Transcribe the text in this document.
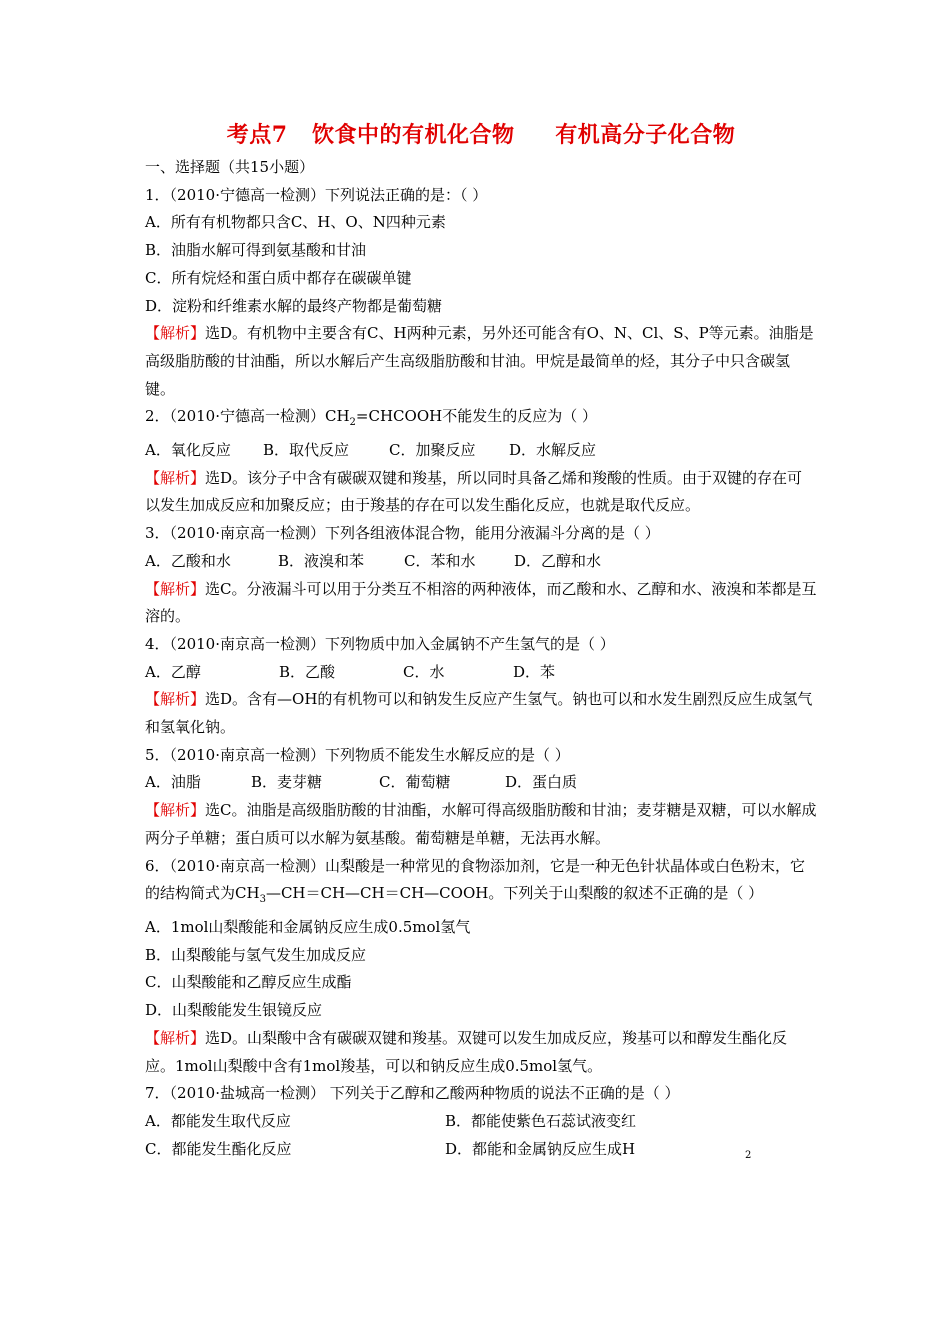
考点7   饮食中的有机化合物     有机高分子化合物
一、选择题（共15小题）
1．（2010·宁德高一检测）下列说法正确的是：（ ）
A．所有有机物都只含C、H、O、N四种元素
B．油脂水解可得到氨基酸和甘油
C．所有烷烃和蛋白质中都存在碳碳单键
D．淀粉和纤维素水解的最终产物都是葡萄糖
【解析】选D。有机物中主要含有C、H两种元素，另外还可能含有O、N、Cl、S、P等元素。油脂是高级脂肪酸的甘油酯，所以水解后产生高级脂肪酸和甘油。甲烷是最简单的烃，其分子中只含碳氢键。
2．（2010·宁德高一检测）$CH_2=CHCOOH$不能发生的反应为（ ）
A．氧化反应	B．取代反应	C．加聚反应	D．水解反应
【解析】选D。该分子中含有碳碳双键和羧基，所以同时具备乙烯和羧酸的性质。由于双键的存在可以发生加成反应和加聚反应；由于羧基的存在可以发生酯化反应，也就是取代反应。
3．（2010·南京高一检测）下列各组液体混合物，能用分液漏斗分离的是（ ）
A．乙酸和水	B．液溴和苯	C．苯和水	D．乙醇和水
【解析】选C。分液漏斗可以用于分类互不相溶的两种液体，而乙酸和水、乙醇和水、液溴和苯都是互溶的。
4．（2010·南京高一检测）下列物质中加入金属钠不产生氢气的是（ ）
A．乙醇	B．乙酸	C．水	D．苯
【解析】选D。含有—OH的有机物可以和钠发生反应产生氢气。钠也可以和水发生剧烈反应生成氢气和氢氧化钠。
5．（2010·南京高一检测）下列物质不能发生水解反应的是（ ）
A．油脂	B．麦芽糖	C．葡萄糖	D．蛋白质
【解析】选C。油脂是高级脂肪酸的甘油酯，水解可得高级脂肪酸和甘油；麦芽糖是双糖，可以水解成两分子单糖；蛋白质可以水解为氨基酸。葡萄糖是单糖，无法再水解。
6．（2010·南京高一检测）山梨酸是一种常见的食物添加剂，它是一种无色针状晶体或白色粉末，它的结构简式为$CH_3—CH=CH—CH=CH—COOH$。下列关于山梨酸的叙述不正确的是（ ）
A．1mol山梨酸能和金属钠反应生成0.5mol氢气
B．山梨酸能与氢气发生加成反应
C．山梨酸能和乙醇反应生成酯
D．山梨酸能发生银镜反应
【解析】选D。山梨酸中含有碳碳双键和羧基。双键可以发生加成反应，羧基可以和醇发生酯化反应。1mol山梨酸中含有1mol羧基，可以和钠反应生成0.5mol氢气。
7．（2010·盐城高一检测） 下列关于乙醇和乙酸两种物质的说法不正确的是（ ）
A．都能发生取代反应	B．都能使紫色石蕊试液变红
C．都能发生酯化反应	D．都能和金属钠反应生成H	$_2$
